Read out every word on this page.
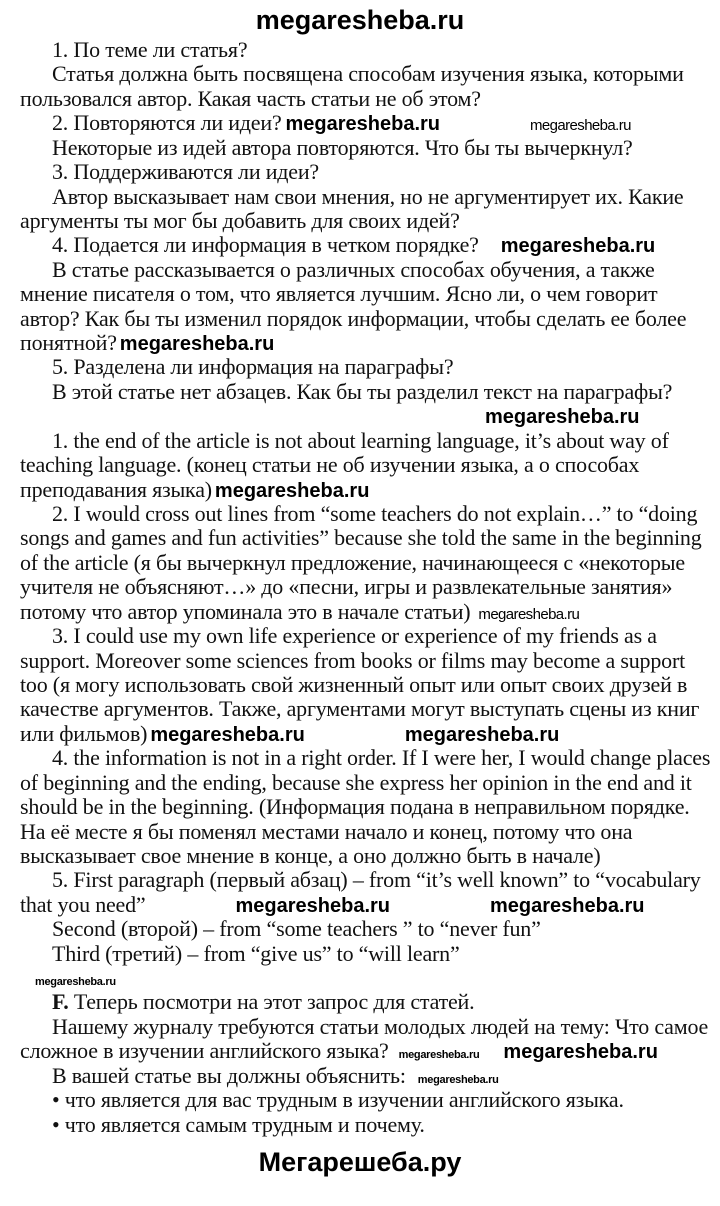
megaresheba.ru
1. По теме ли статья?
Статья должна быть посвящена способам изучения языка, которыми
пользовался автор. Какая часть статьи не об этом?
2. Повторяются ли идеи? megaresheba.ru	megaresheba.ru
Некоторые из идей автора повторяются. Что бы ты вычеркнул?
3. Поддерживаются ли идеи?
Автор высказывает нам свои мнения, но не аргументирует их. Какие
аргументы ты мог бы добавить для своих идей?
4. Подается ли информация в четком порядке? megaresheba.ru
В статье рассказывается о различных способах обучения, а также
мнение писателя о том, что является лучшим. Ясно ли, о чем говорит
автор? Как бы ты изменил порядок информации, чтобы сделать ее более
понятной? megaresheba.ru
5. Разделена ли информация на параграфы?
В этой статье нет абзацев. Как бы ты разделил текст на параграфы?
megaresheba.ru
1. the end of the article is not about learning language, it’s about way of
teaching language. (конец статьи не об изучении языка, а о способах
преподавания языка) megaresheba.ru
2. I would cross out lines from “some teachers do not explain…” to “doing
songs and games and fun activities” because she told the same in the beginning
of the article (я бы вычеркнул предложение, начинающееся с «некоторые
учителя не объясняют…» до «песни, игры и развлекательные занятия»
потому что автор упоминала это в начале статьи) megaresheba.ru
3. I could use my own life experience or experience of my friends as a
support. Moreover some sciences from books or films may become a support
too (я могу использовать свой жизненный опыт или опыт своих друзей в
качестве аргументов. Также, аргументами могут выступать сцены из книг
или фильмов) megaresheba.ru	megaresheba.ru
4. the information is not in a right order. If I were her, I would change places
of beginning and the ending, because she express her opinion in the end and it
should be in the beginning. (Информация подана в неправильном порядке.
На её месте я бы поменял местами начало и конец, потому что она
высказывает свое мнение в конце, а оно должно быть в начале)
5. First paragraph (первый абзац) – from “it’s well known” to “vocabulary
that you need”	megaresheba.ru	megaresheba.ru
Second (второй) – from “some teachers ” to “never fun”
Third (третий) – from “give us” to “will learn”
megaresheba.ru
F. Теперь посмотри на этот запрос для статей.
Нашему журналу требуются статьи молодых людей на тему: Что самое
сложное в изучении английского языка? megaresheba.ru megaresheba.ru
В вашей статье вы должны объяснить: megaresheba.ru
• что является для вас трудным в изучении английского языка.
• что является самым трудным и почему.
Мегарешеба.ру
